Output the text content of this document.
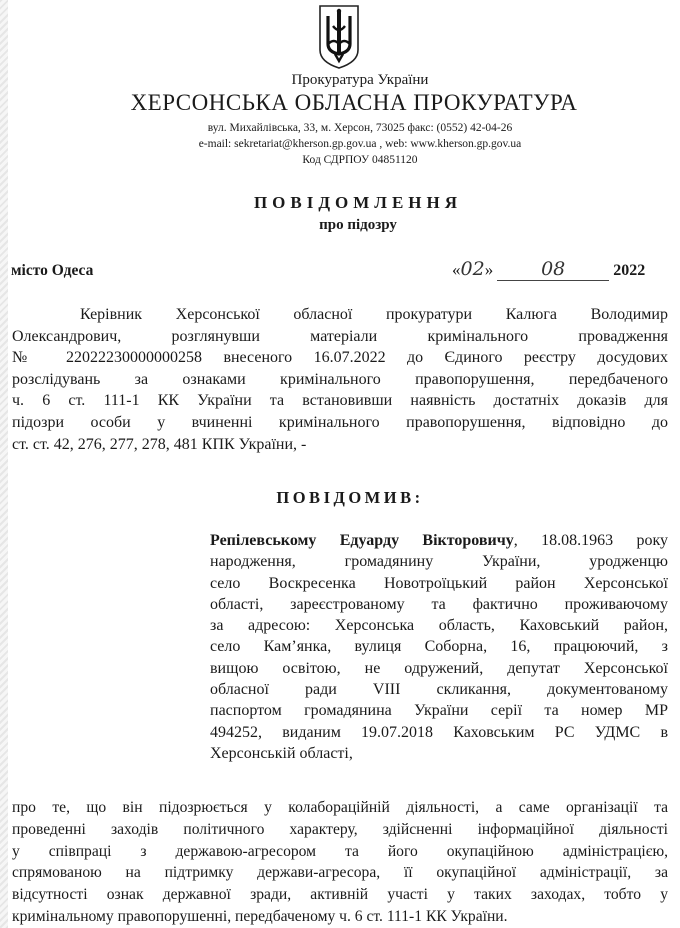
Прокуратура України
ХЕРСОНСЬКА ОБЛАСНА ПРОКУРАТУРА
вул. Михайлівська, 33, м. Херсон, 73025 факс: (0552) 42-04-26
e-mail: sekretariat@kherson.gp.gov.ua , web: www.kherson.gp.gov.ua
Код СДРПОУ 04851120
ПОВІДОМЛЕННЯ
про підозру
місто Одеса	«02»	08	2022
Керівник Херсонської обласної прокуратури Калюга Володимир
Олександрович, розглянувши матеріали кримінального провадження
№ 22022230000000258 внесеного 16.07.2022 до Єдиного реєстру досудових
розслідувань за ознаками кримінального правопорушення, передбаченого
ч. 6 ст. 111-1 КК України та встановивши наявність достатніх доказів для
підозри особи у вчиненні кримінального правопорушення, відповідно до
ст. ст. 42, 276, 277, 278, 481 КПК України, -
ПОВІДОМИВ:
Репілевському Едуарду Вікторовичу, 18.08.1963 року
народження, громадянину України, уродженцю
село Воскресенка Новотроїцький район Херсонської
області, зареєстрованому та фактично проживаючому
за адресою: Херсонська область, Каховський район,
село Кам’янка, вулиця Соборна, 16, працюючий, з
вищою освітою, не одружений, депутат Херсонської
обласної ради VIII скликання, документованому
паспортом громадянина України серії та номер МР
494252, виданим 19.07.2018 Каховським РС УДМС в
Херсонській області,
про те, що він підозрюється у колабораційній діяльності, а саме організації та
проведенні заходів політичного характеру, здійсненні інформаційної діяльності
у співпраці з державою-агресором та його окупаційною адміністрацією,
спрямованою на підтримку держави-агресора, її окупаційної адміністрації, за
відсутності ознак державної зради, активній участі у таких заходах, тобто у
кримінальному правопорушенні, передбаченому ч. 6 ст. 111-1 КК України.
